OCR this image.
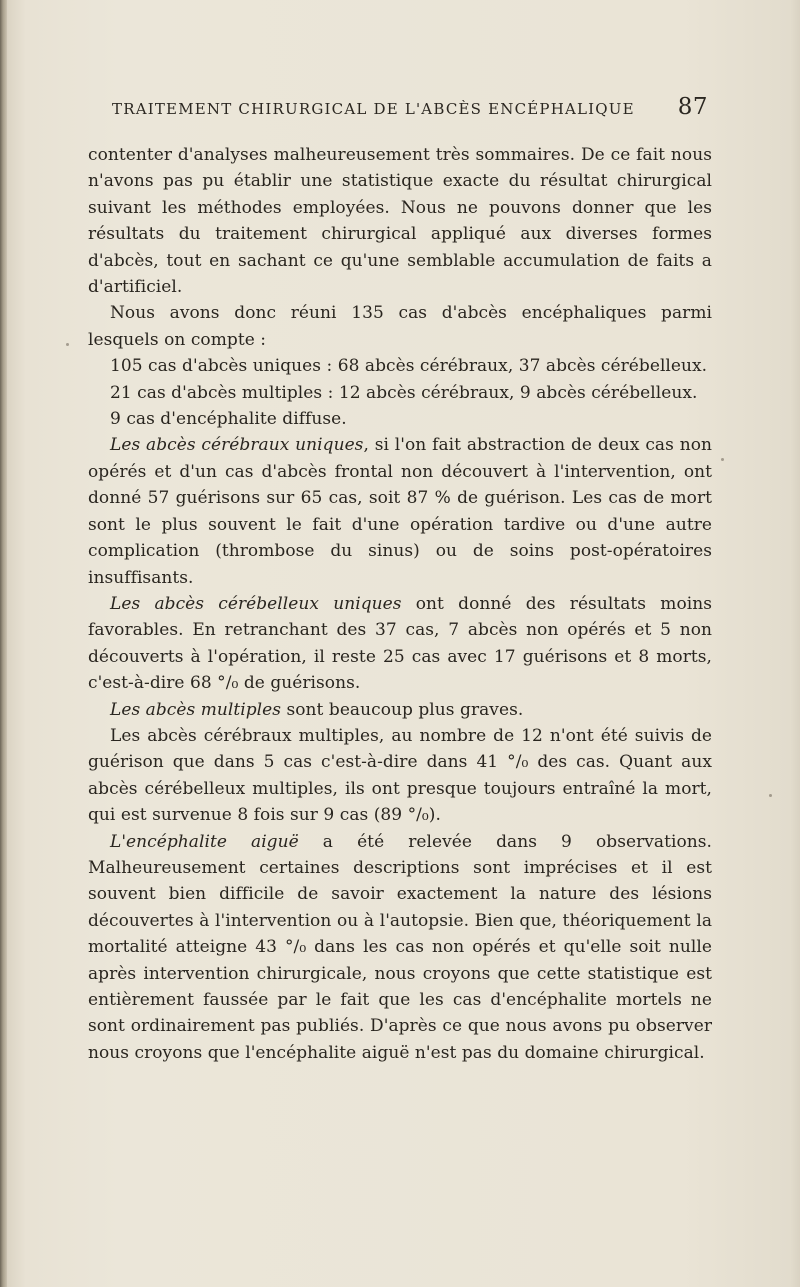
TRAITEMENT CHIRURGICAL DE L'ABCÈS ENCÉPHALIQUE 87

contenter d'analyses malheureusement très sommaires. De ce fait nous n'avons pas pu établir une statistique exacte du résultat chirurgical suivant les méthodes employées. Nous ne pouvons donner que les résultats du traitement chirurgical appliqué aux diverses formes d'abcès, tout en sachant ce qu'une semblable accumulation de faits a d'artificiel.

Nous avons donc réuni 135 cas d'abcès encéphaliques parmi lesquels on compte :

105 cas d'abcès uniques : 68 abcès cérébraux, 37 abcès cérébelleux.

21 cas d'abcès multiples : 12 abcès cérébraux, 9 abcès cérébelleux.

9 cas d'encéphalite diffuse.

Les abcès cérébraux uniques, si l'on fait abstraction de deux cas non opérés et d'un cas d'abcès frontal non découvert à l'intervention, ont donné 57 guérisons sur 65 cas, soit 87 % de guérison. Les cas de mort sont le plus souvent le fait d'une opération tardive ou d'une autre complication (thrombose du sinus) ou de soins post-opératoires insuffisants.

Les abcès cérébelleux uniques ont donné des résultats moins favorables. En retranchant des 37 cas, 7 abcès non opérés et 5 non découverts à l'opération, il reste 25 cas avec 17 guérisons et 8 morts, c'est-à-dire 68 °/₀ de guérisons.

Les abcès multiples sont beaucoup plus graves.

Les abcès cérébraux multiples, au nombre de 12 n'ont été suivis de guérison que dans 5 cas c'est-à-dire dans 41 °/₀ des cas. Quant aux abcès cérébelleux multiples, ils ont presque toujours entraîné la mort, qui est survenue 8 fois sur 9 cas (89 °/₀).

L'encéphalite aiguë a été relevée dans 9 observations. Malheureusement certaines descriptions sont imprécises et il est souvent bien difficile de savoir exactement la nature des lésions découvertes à l'intervention ou à l'autopsie. Bien que, théoriquement la mortalité atteigne 43 °/₀ dans les cas non opérés et qu'elle soit nulle après intervention chirurgicale, nous croyons que cette statistique est entièrement faussée par le fait que les cas d'encéphalite mortels ne sont ordinairement pas publiés. D'après ce que nous avons pu observer nous croyons que l'encéphalite aiguë n'est pas du domaine chirurgical.
